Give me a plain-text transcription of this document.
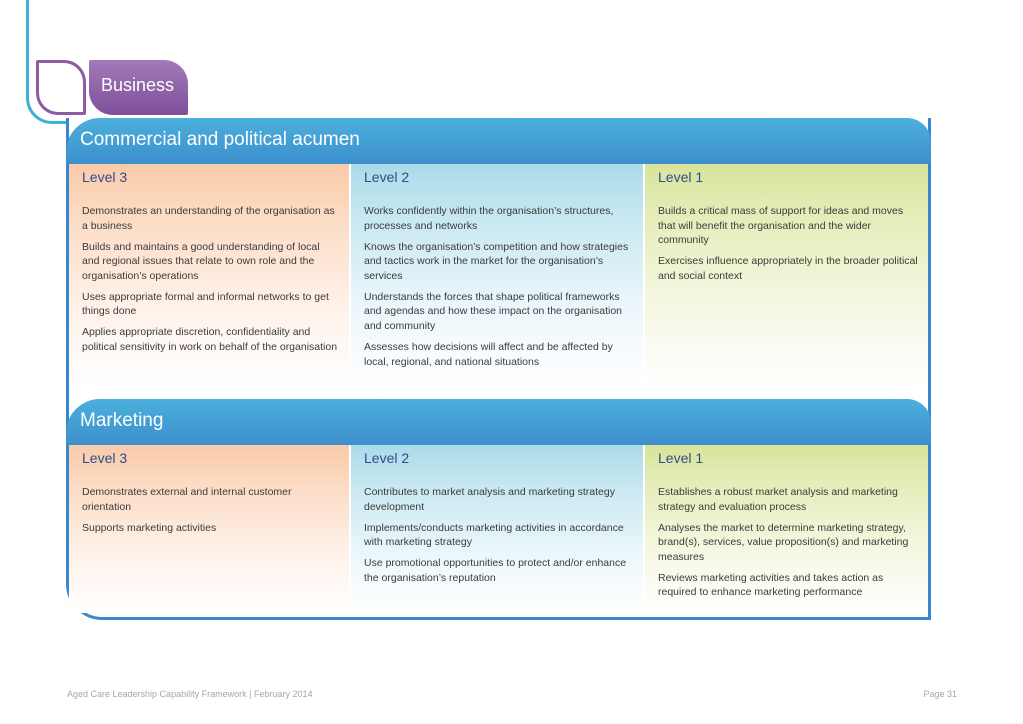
Business
Commercial and political acumen
Level 3
Demonstrates an understanding of the organisation as a business
Builds and maintains a good understanding of local and regional issues that relate to own role and the organisation’s operations
Uses appropriate formal and informal networks to get things done
Applies appropriate discretion, confidentiality and political sensitivity in work on behalf of the organisation
Level 2
Works confidently within the organisation’s structures, processes and networks
Knows the organisation’s competition and how strategies and tactics work in the market for the organisation’s services
Understands the forces that shape political frameworks and agendas and how these impact on the organisation and community
Assesses how decisions will affect and be affected by local, regional, and national situations
Level 1
Builds a critical mass of support for ideas and moves that will benefit the organisation and the wider community
Exercises influence appropriately in the broader political and social context
Marketing
Level 3
Demonstrates external and internal customer orientation
Supports marketing activities
Level 2
Contributes to market analysis and marketing strategy development
Implements/conducts marketing activities in accordance with marketing strategy
Use promotional opportunities to protect and/or enhance the organisation’s reputation
Level 1
Establishes a robust market analysis and marketing strategy and evaluation process
Analyses the market to determine marketing strategy, brand(s), services, value proposition(s) and marketing measures
Reviews marketing activities and takes action as required to enhance marketing performance
Aged Care Leadership Capability Framework | February 2014	Page 31
